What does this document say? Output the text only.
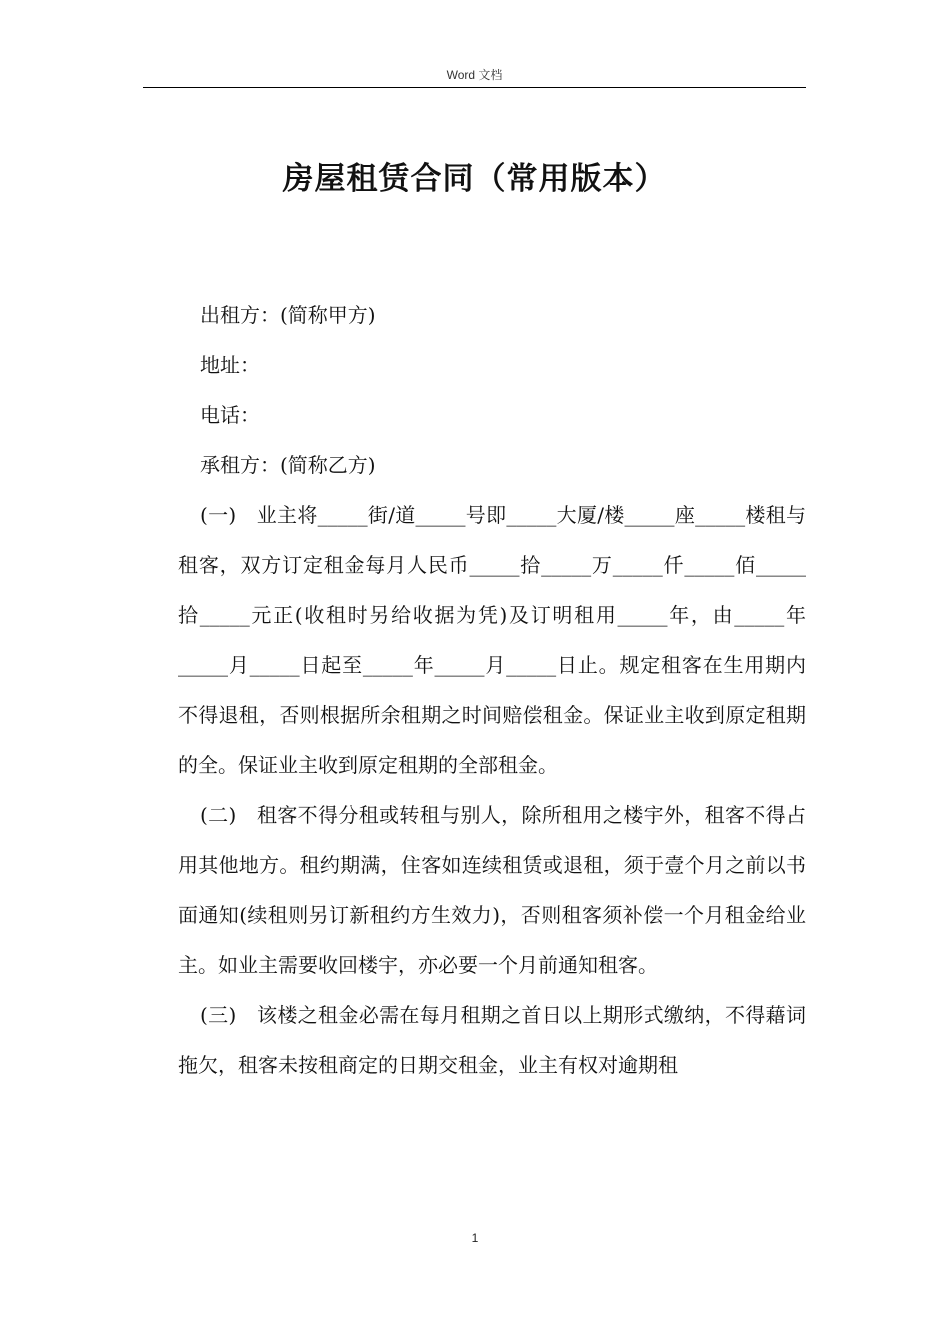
Word 文档
房屋租赁合同（常用版本）

出租方：(简称甲方)

地址：

电话：

承租方：(简称乙方)

(一)　业主将_____街/道_____号即_____大厦/楼_____座_____楼租与租客，双方订定租金每月人民币_____拾_____万_____仟_____佰_____拾_____元正(收租时另给收据为凭)及订明租用_____年，由_____年_____月_____日起至_____年_____月_____日止。规定租客在生用期内不得退租，否则根据所余租期之时间赔偿租金。保证业主收到原定租期的全。保证业主收到原定租期的全部租金。

(二)　租客不得分租或转租与别人，除所租用之楼宇外，租客不得占用其他地方。租约期满，住客如连续租赁或退租，须于壹个月之前以书面通知(续租则另订新租约方生效力)，否则租客须补偿一个月租金给业主。如业主需要收回楼宇，亦必要一个月前通知租客。

(三)　该楼之租金必需在每月租期之首日以上期形式缴纳，不得藉词拖欠，租客未按租商定的日期交租金，业主有权对逾期租

1
